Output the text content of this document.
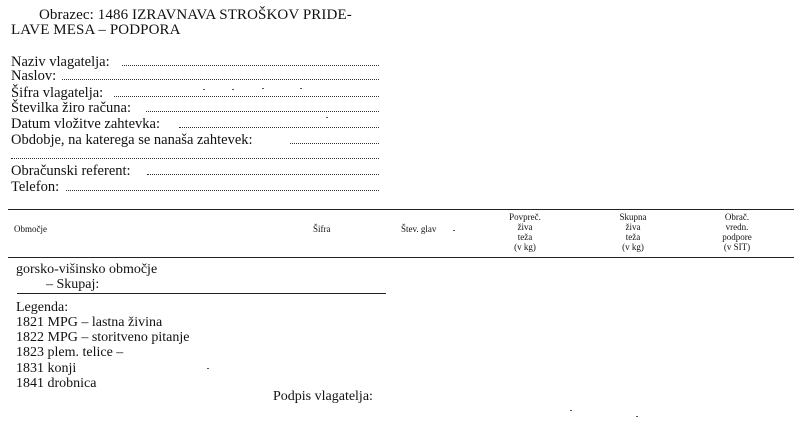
Obrazec: 1486 IZRAVNAVA STROŠKOV PRIDE-
LAVE MESA – PODPORA
Naziv vlagatelja:
Naslov:
Šifra vlagatelja:
Številka žiro računa:
Datum vložitve zahtevka:
Obdobje, na katerega se nanaša zahtevek:
Obračunski referent:
Telefon:
Območje	Šifra	Štev. glav
Povpreč.
živa
teža
(v kg)
Skupna
živa
teža
(v kg)
Obrač.
vredn.
podpore
(v SIT)
gorsko-višinsko območje
– Skupaj:
Legenda:
1821 MPG – lastna živina
1822 MPG – storitveno pitanje
1823 plem. telice –
1831 konji
1841 drobnica
Podpis vlagatelja:
